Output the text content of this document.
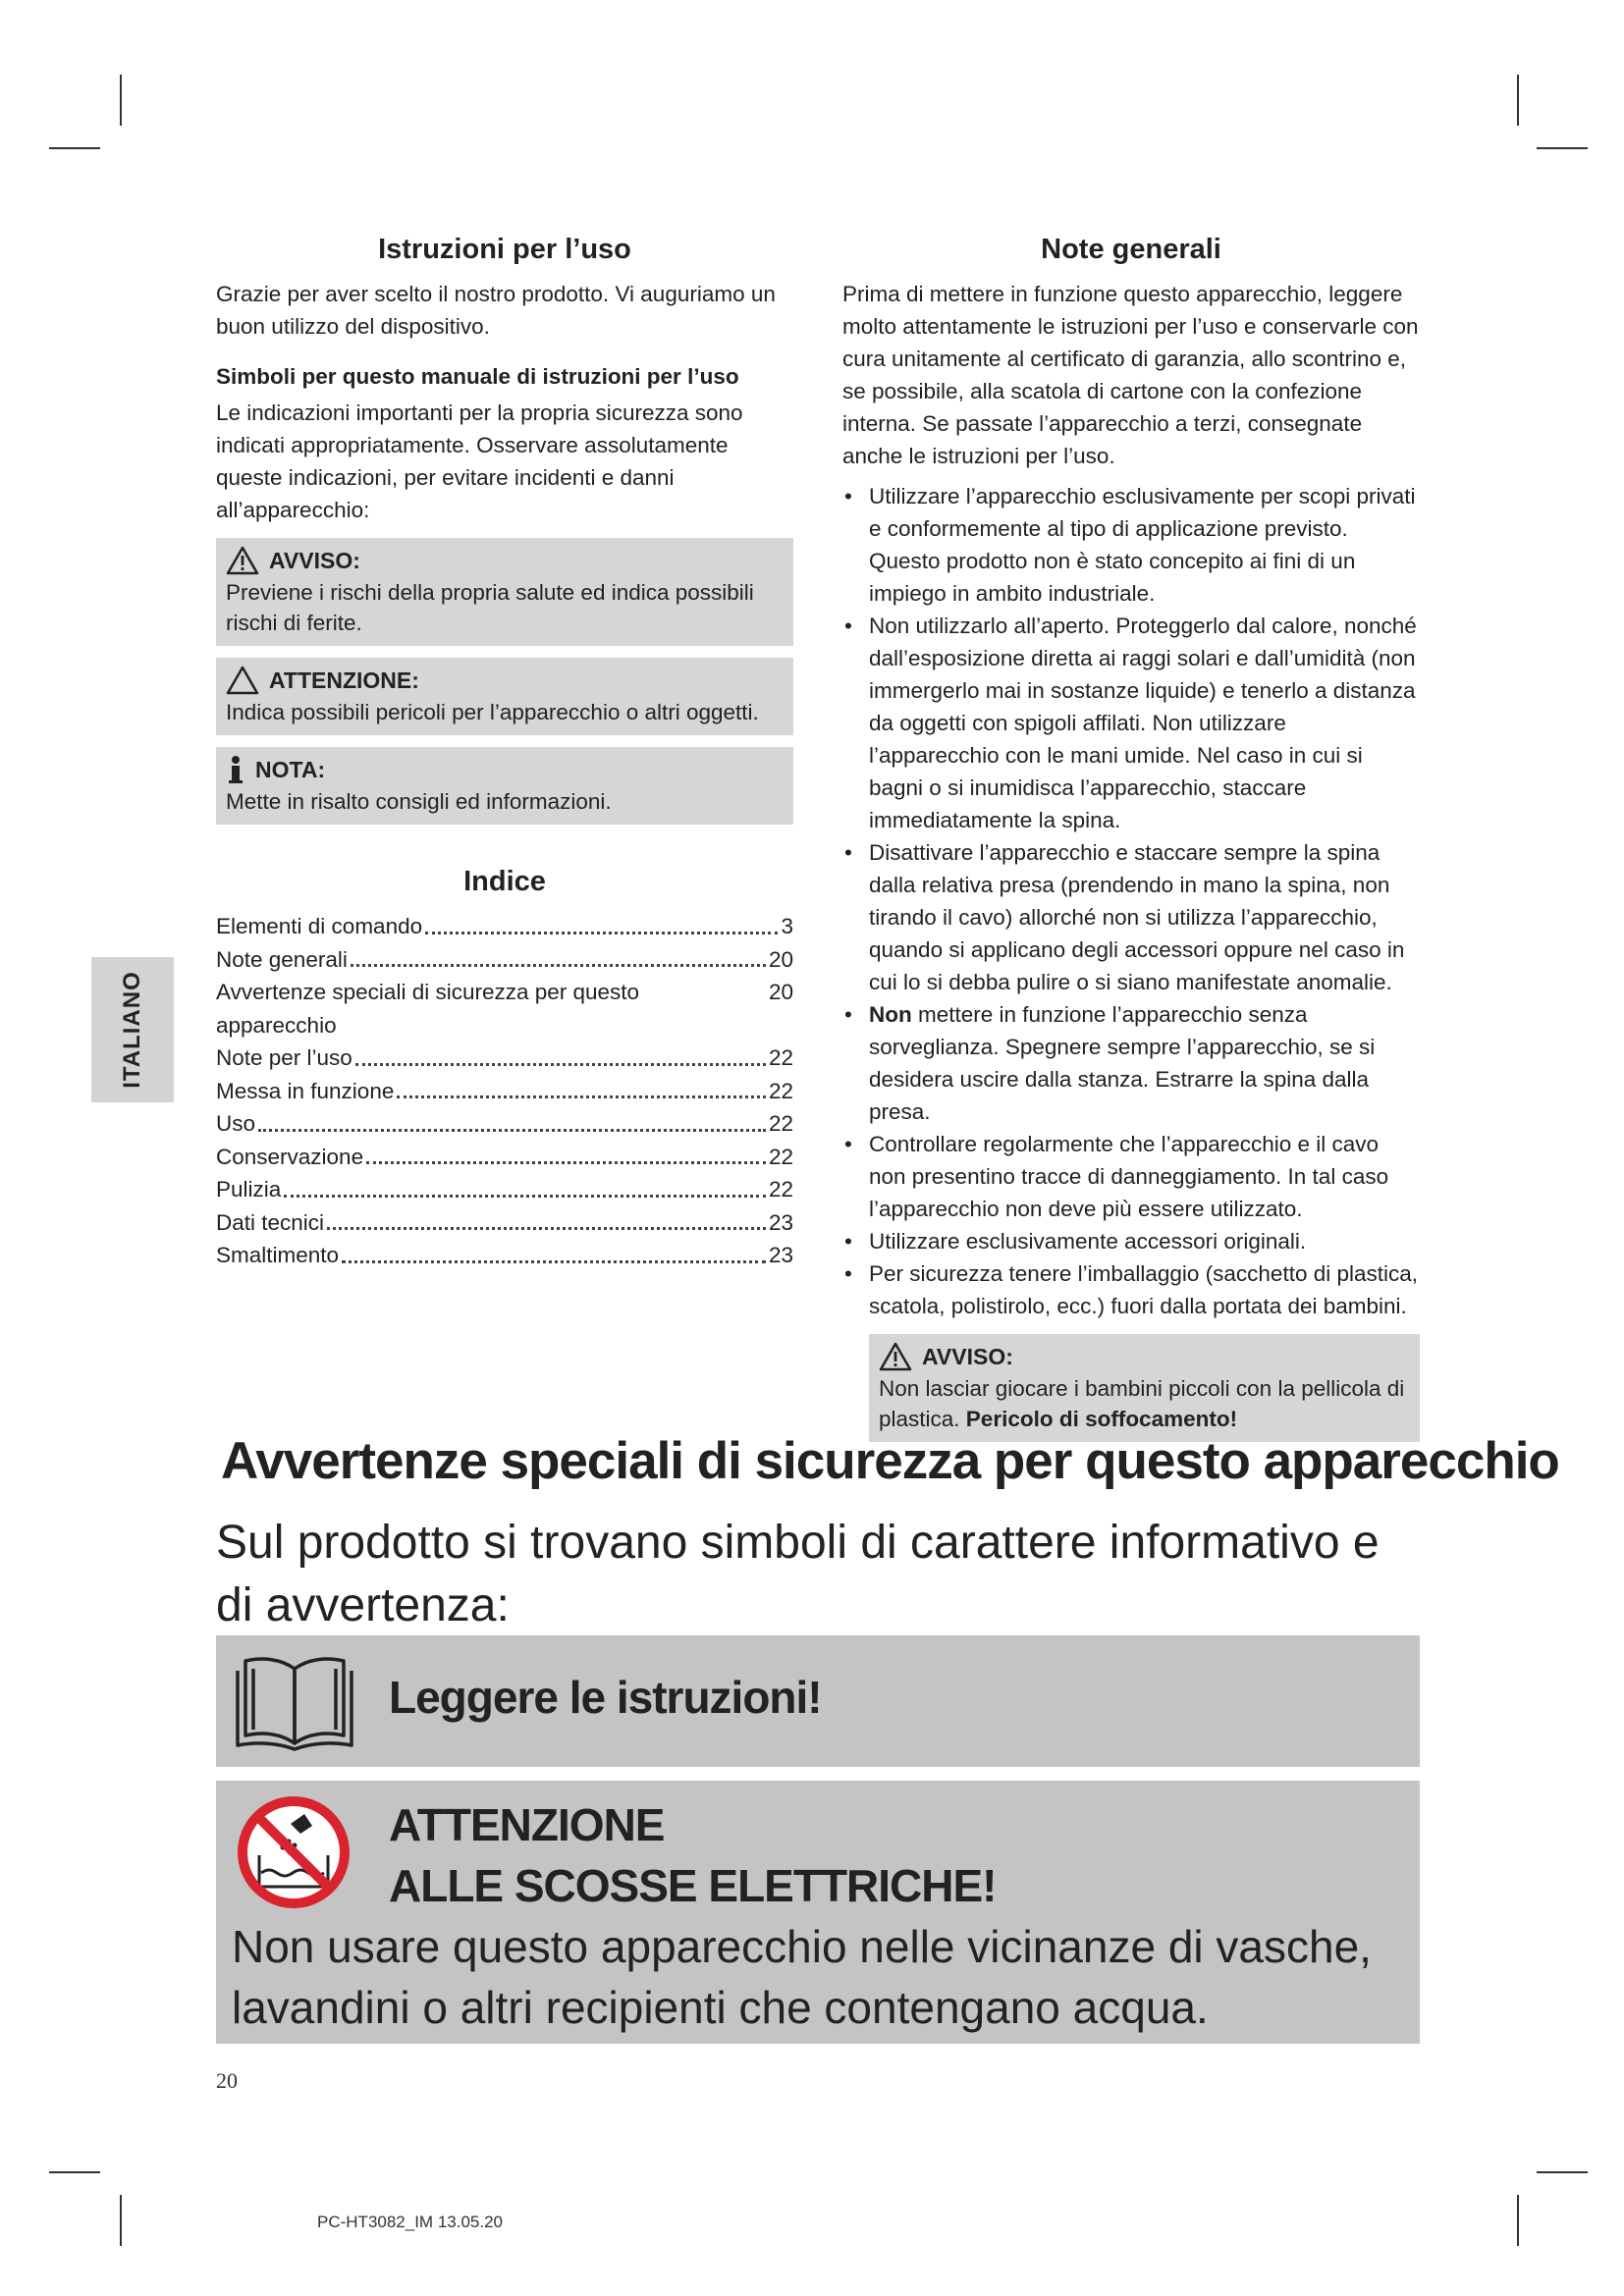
ITALIANO
Istruzioni per l’uso

Grazie per aver scelto il nostro prodotto. Vi auguriamo un buon utilizzo del dispositivo.

Simboli per questo manuale di istruzioni per l’uso

Le indicazioni importanti per la propria sicurezza sono indicati appropriatamente. Osservare assolutamente queste indicazioni, per evitare incidenti e danni all’apparecchio:

AVVISO:
Previene i rischi della propria salute ed indica possibili rischi di ferite.
ATTENZIONE:
Indica possibili pericoli per l’apparecchio o altri oggetti.
NOTA:
Mette in risalto consigli ed informazioni.
Indice
Elementi di comando	3
Note generali	20
Avvertenze speciali di sicurezza per questo apparecchio
20
Note per l’uso	22
Messa in funzione	22
Uso	22
Conservazione	22
Pulizia	22
Dati tecnici	23
Smaltimento	23
Note generali

Prima di mettere in funzione questo apparecchio, leggere molto attentamente le istruzioni per l’uso e conservarle con cura unitamente al certificato di garanzia, allo scontrino e, se possibile, alla scatola di cartone con la confezione interna. Se passate l’apparecchio a terzi, consegnate anche le istruzioni per l’uso.

• Utilizzare l’apparecchio esclusivamente per scopi privati e conformemente al tipo di applicazione previsto. Questo prodotto non è stato concepito ai fini di un impiego in ambito industriale.
• Non utilizzarlo all’aperto. Proteggerlo dal calore, nonché dall’esposizione diretta ai raggi solari e dall’umidità (non immergerlo mai in sostanze liquide) e tenerlo a distanza da oggetti con spigoli affilati. Non utilizzare l’apparecchio con le mani umide. Nel caso in cui si bagni o si inumidisca l’apparecchio, staccare immediatamente la spina.
• Disattivare l’apparecchio e staccare sempre la spina dalla relativa presa (prendendo in mano la spina, non tirando il cavo) allorché non si utilizza l’apparecchio, quando si applicano degli accessori oppure nel caso in cui lo si debba pulire o si siano manifestate anomalie.
• Non mettere in funzione l’apparecchio senza sorveglianza. Spegnere sempre l’apparecchio, se si desidera uscire dalla stanza. Estrarre la spina dalla presa.
• Controllare regolarmente che l’apparecchio e il cavo non presentino tracce di danneggiamento. In tal caso l’apparecchio non deve più essere utilizzato.
• Utilizzare esclusivamente accessori originali.
• Per sicurezza tenere l’imballaggio (sacchetto di plastica, scatola, polistirolo, ecc.) fuori dalla portata dei bambini.
AVVISO:
Non lasciar giocare i bambini piccoli con la pellicola di plastica. Pericolo di soffocamento!
Avvertenze speciali di sicurezza per questo apparecchio
Sul prodotto si trovano simboli di carattere informativo e di avvertenza:
Leggere le istruzioni!
ATTENZIONE
ALLE SCOSSE ELETTRICHE!
Non usare questo apparecchio nelle vicinanze di vasche, lavandini o altri recipienti che contengano acqua.
20
PC-HT3082_IM 13.05.20
